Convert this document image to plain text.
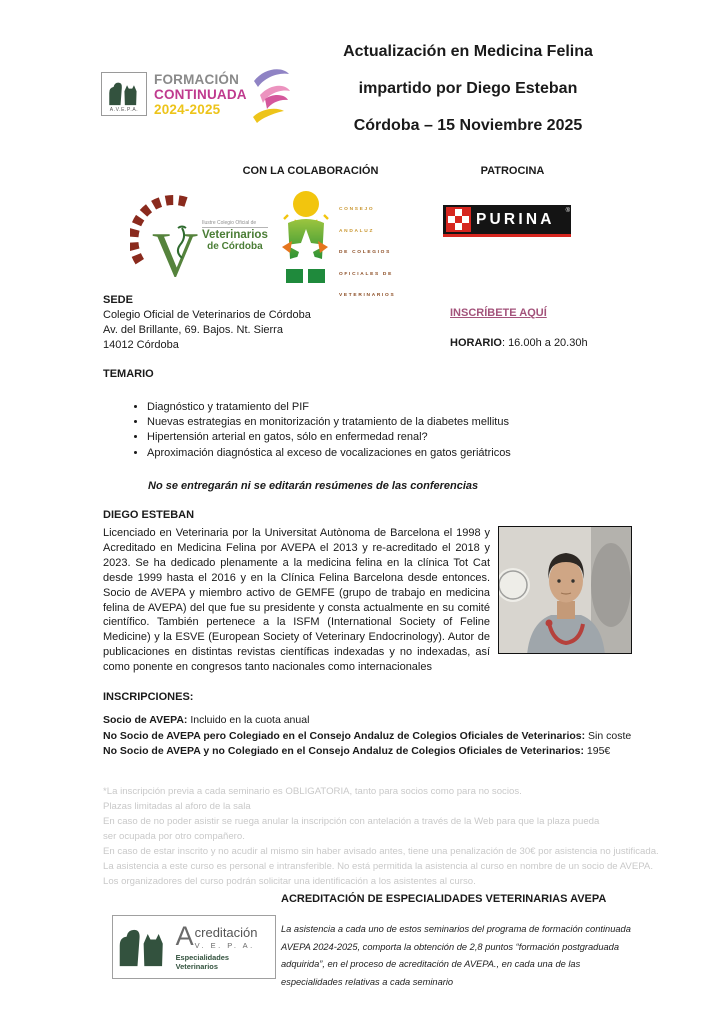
A.V.E.P.A.
FORMACIÓN
CONTINUADA
2024-2025
Actualización en Medicina Felina
impartido por Diego Esteban
Córdoba – 15 Noviembre 2025
CON LA COLABORACIÓN	PATROCINA
V Ilustre Colegio Oficial de
Veterinarios
de Córdoba
CONSEJO
ANDALUZ
DE COLEGIOS
OFICIALES DE
VETERINARIOS
PURINA ®
SEDE
Colegio Oficial de Veterinarios de Córdoba
Av. del Brillante, 69. Bajos. Nt. Sierra
14012 Córdoba
INSCRÍBETE AQUÍ
HORARIO: 16.00h a 20.30h
TEMARIO
• Diagnóstico y tratamiento del PIF
• Nuevas estrategias en monitorización y tratamiento de la diabetes mellitus
• Hipertensión arterial en gatos, sólo en enfermedad renal?
• Aproximación diagnóstica al exceso de vocalizaciones en gatos geriátricos
No se entregarán ni se editarán resúmenes de las conferencias
DIEGO ESTEBAN

Licenciado en Veterinaria por la Universitat Autònoma de Barcelona el 1998 y Acreditado en Medicina Felina por AVEPA el 2013 y re-acreditado el 2018 y 2023. Se ha dedicado plenamente a la medicina felina en la clínica Tot Cat desde 1999 hasta el 2016 y en la Clínica Felina Barcelona desde entonces. Socio de AVEPA y miembro activo de GEMFE (grupo de trabajo en medicina felina de AVEPA) del que fue su presidente y consta actualmente en su comité científico. También pertenece a la ISFM (International Society of Feline Medicine) y la ESVE (European Society of Veterinary Endocrinology). Autor de publicaciones en distintas revistas científicas indexadas y no indexadas, así como ponente en congresos tanto nacionales como internacionales

INSCRIPCIONES:

Socio de AVEPA: Incluido en la cuota anual

No Socio de AVEPA pero Colegiado en el Consejo Andaluz de Colegios Oficiales de Veterinarios: Sin coste

No Socio de AVEPA y no Colegiado en el Consejo Andaluz de Colegios Oficiales de Veterinarios: 195€

*La inscripción previa a cada seminario es OBLIGATORIA, tanto para socios como para no socios.
Plazas limitadas al aforo de la sala
En caso de no poder asistir se ruega anular la inscripción con antelación a través de la Web para que la plaza pueda
ser ocupada por otro compañero.
En caso de estar inscrito y no acudir al mismo sin haber avisado antes, tiene una penalización de 30€ por asistencia no justificada.
La asistencia a este curso es personal e intransferible. No está permitida la asistencia al curso en nombre de un socio de AVEPA.
Los organizadores del curso podrán solicitar una identificación a los asistentes al curso.
A creditación
V. E. P. A.
Especialidades Veterinarios
ACREDITACIÓN DE ESPECIALIDADES VETERINARIAS AVEPA
La asistencia a cada uno de estos seminarios del programa de formación continuada AVEPA 2024-2025, comporta la obtención de 2,8 puntos “formación postgraduada adquirida”, en el proceso de acreditación de AVEPA., en cada una de las especialidades relativas a cada seminario
